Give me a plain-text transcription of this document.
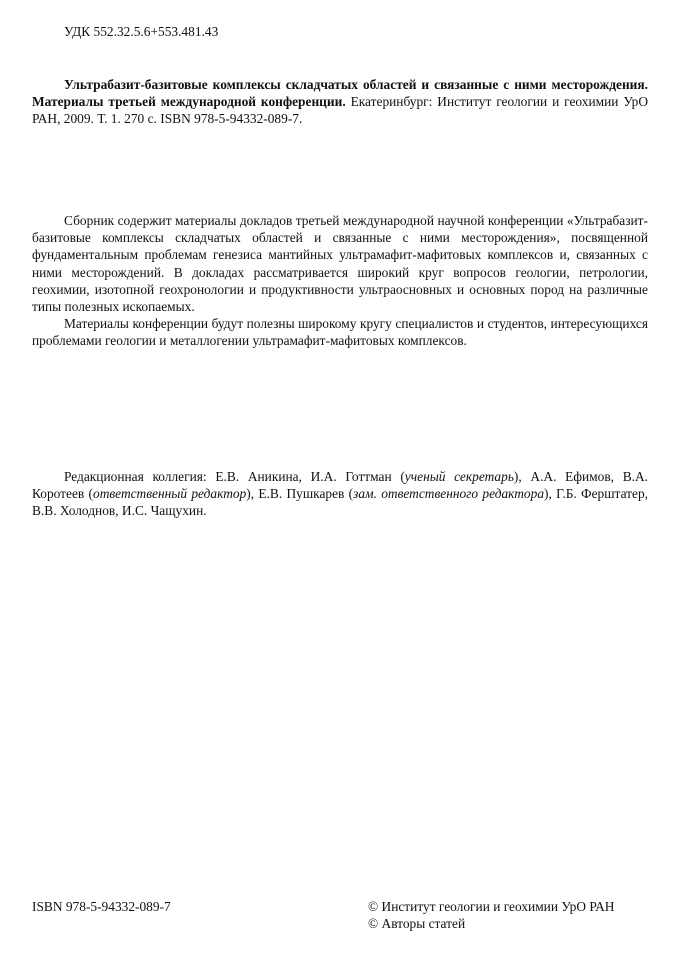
УДК 552.32.5.6+553.481.43
Ультрабазит-базитовые комплексы складчатых областей и связанные с ними месторождения. Материалы третьей международной конференции. Екатеринбург: Институт геологии и геохимии УрО РАН, 2009. Т. 1. 270 с. ISBN 978-5-94332-089-7.

Сборник содержит материалы докладов третьей международной научной конференции «Ультрабазит-базитовые комплексы складчатых областей и связанные с ними месторождения», посвященной фундаментальным проблемам генезиса мантийных ультрамафит-мафитовых комплексов и, связанных с ними месторождений. В докладах рассматривается широкий круг вопросов геологии, петрологии, геохимии, изотопной геохронологии и продуктивности ультраосновных и основных пород на различные типы полезных ископаемых.

Материалы конференции будут полезны широкому кругу специалистов и студентов, интересующихся проблемами геологии и металлогении ультрамафит-мафитовых комплексов.

Редакционная коллегия: Е.В. Аникина, И.А. Готтман (ученый секретарь), А.А. Ефимов, В.А. Коротеев (ответственный редактор), Е.В. Пушкарев (зам. ответственного редактора), Г.Б. Ферштатер, В.В. Холоднов, И.С. Чащухин.
ISBN 978-5-94332-089-7	© Институт геологии и геохимии УрО РАН
© Авторы статей
